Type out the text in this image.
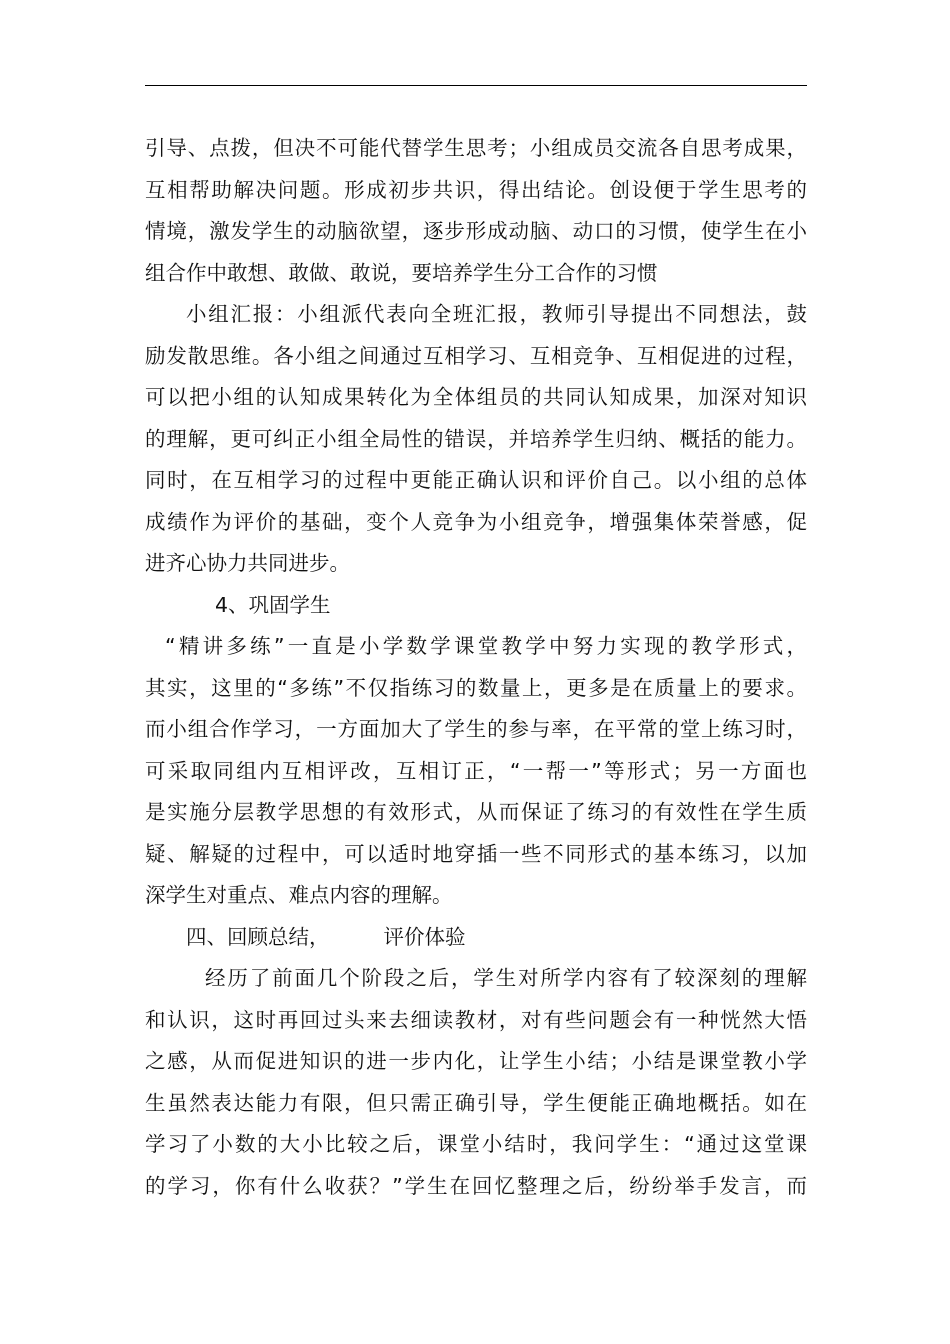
引导、点拨，但决不可能代替学生思考；小组成员交流各自思考成果，
互相帮助解决问题。形成初步共识，得出结论。创设便于学生思考的
情境，激发学生的动脑欲望，逐步形成动脑、动口的习惯，使学生在小
组合作中敢想、敢做、敢说，要培养学生分工合作的习惯
小组汇报：小组派代表向全班汇报，教师引导提出不同想法，鼓
励发散思维。各小组之间通过互相学习、互相竞争、互相促进的过程，
可以把小组的认知成果转化为全体组员的共同认知成果，加深对知识
的理解，更可纠正小组全局性的错误，并培养学生归纳、概括的能力。
同时，在互相学习的过程中更能正确认识和评价自己。以小组的总体
成绩作为评价的基础，变个人竞争为小组竞争，增强集体荣誉感，促
进齐心协力共同进步。
4、巩固学生
“精讲多练”一直是小学数学课堂教学中努力实现的教学形式，
其实，这里的“多练”不仅指练习的数量上，更多是在质量上的要求。
而小组合作学习，一方面加大了学生的参与率，在平常的堂上练习时，
可采取同组内互相评改，互相订正，“一帮一”等形式；另一方面也
是实施分层教学思想的有效形式，从而保证了练习的有效性在学生质
疑、解疑的过程中，可以适时地穿插一些不同形式的基本练习，以加
深学生对重点、难点内容的理解。
四、回顾总结，	评价体验
经历了前面几个阶段之后，学生对所学内容有了较深刻的理解
和认识，这时再回过头来去细读教材，对有些问题会有一种恍然大悟
之感，从而促进知识的进一步内化，让学生小结；小结是课堂教小学
生虽然表达能力有限，但只需正确引导，学生便能正确地概括。如在
学习了小数的大小比较之后，课堂小结时，我问学生：“通过这堂课
的学习，你有什么收获？”学生在回忆整理之后，纷纷举手发言，而
